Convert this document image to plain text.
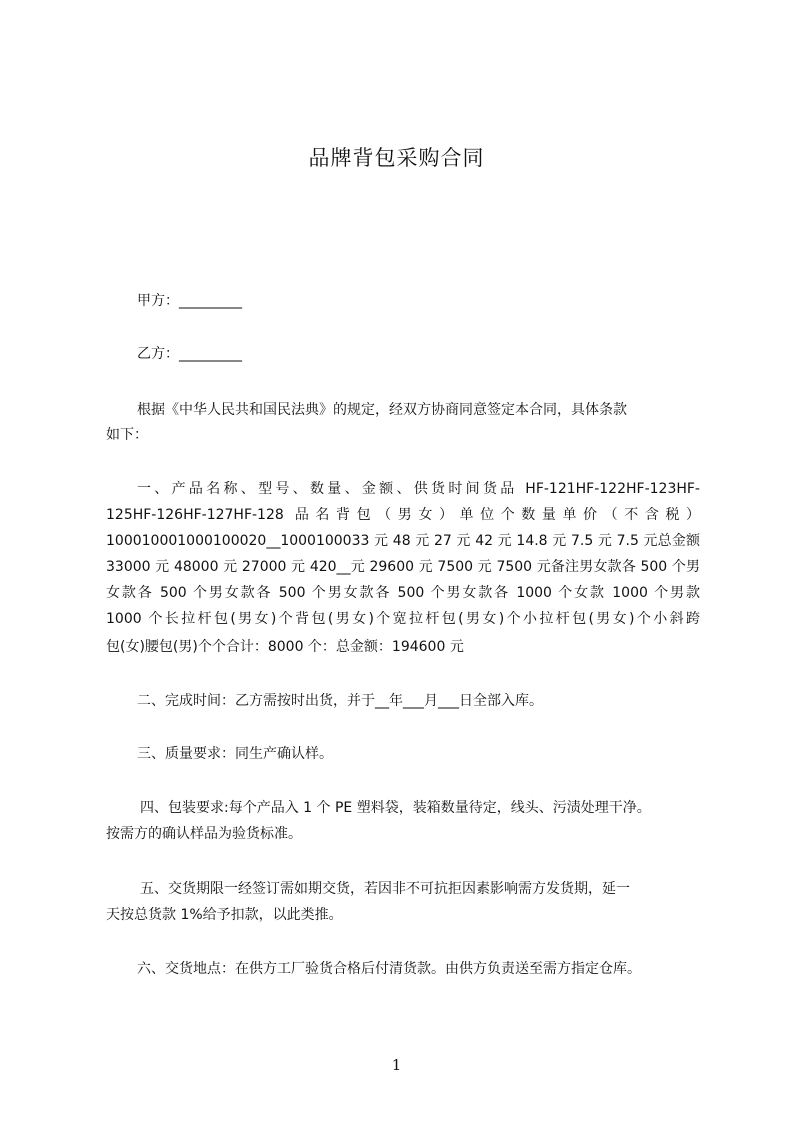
品牌背包采购合同
甲方：_________
乙方：_________
根据《中华人民共和国民法典》的规定，经双方协商同意签定本合同，具体条款
如下：
一、产品名称、型号、数量、金额、供货时间货品 HF-121HF-122HF-123HF-
125HF-126HF-127HF-128 品名背包（男女）单位个数量单价（不含税）
100010001000100020__1000100033 元 48 元 27 元 42 元 14.8 元 7.5 元 7.5 元总金额
33000 元 48000 元 27000 元 420__元 29600 元 7500 元 7500 元备注男女款各 500 个男
女款各 500 个男女款各 500 个男女款各 500 个男女款各 1000 个女款 1000 个男款
1000 个长拉杆包(男女)个背包(男女)个宽拉杆包(男女)个小拉杆包(男女)个小斜跨
包(女)腰包(男)个个合计：8000 个：总金额：194600 元
二、完成时间：乙方需按时出货，并于__年___月___日全部入库。
三、质量要求：同生产确认样。
四、包装要求:每个产品入 1 个 PE 塑料袋，装箱数量待定，线头、污渍处理干净。
按需方的确认样品为验货标准。
五、交货期限一经签订需如期交货，若因非不可抗拒因素影响需方发货期，延一
天按总货款 1%给予扣款，以此类推。
六、交货地点：在供方工厂验货合格后付清货款。由供方负责送至需方指定仓库。
1
